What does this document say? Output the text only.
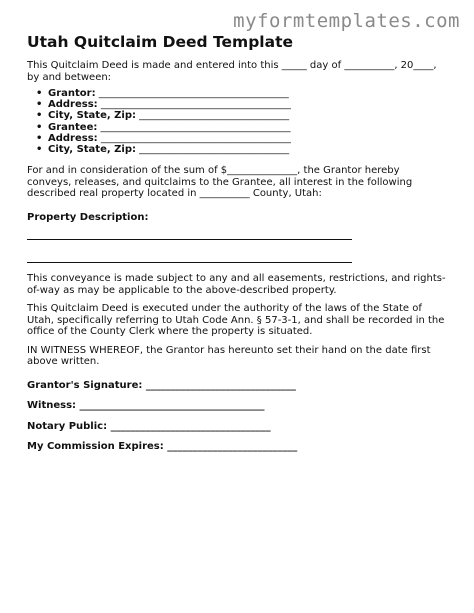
myformtemplates.com
Utah Quitclaim Deed Template

This Quitclaim Deed is made and entered into this _____ day of __________, 20____, by and between:

• Grantor: ______________________________________
• Address: ______________________________________
• City, State, Zip: ______________________________
• Grantee: ______________________________________
• Address: ______________________________________
• City, State, Zip: ______________________________

For and in consideration of the sum of $______________, the Grantor hereby conveys, releases, and quitclaims to the Grantee, all interest in the following described real property located in __________ County, Utah:

Property Description:

This conveyance is made subject to any and all easements, restrictions, and rights-of-way as may be applicable to the above-described property.

This Quitclaim Deed is executed under the authority of the laws of the State of Utah, specifically referring to Utah Code Ann. § 57-3-1, and shall be recorded in the office of the County Clerk where the property is situated.

IN WITNESS WHEREOF, the Grantor has hereunto set their hand on the date first above written.

Grantor's Signature: ______________________________
Witness: _____________________________________
Notary Public: ________________________________
My Commission Expires: __________________________
